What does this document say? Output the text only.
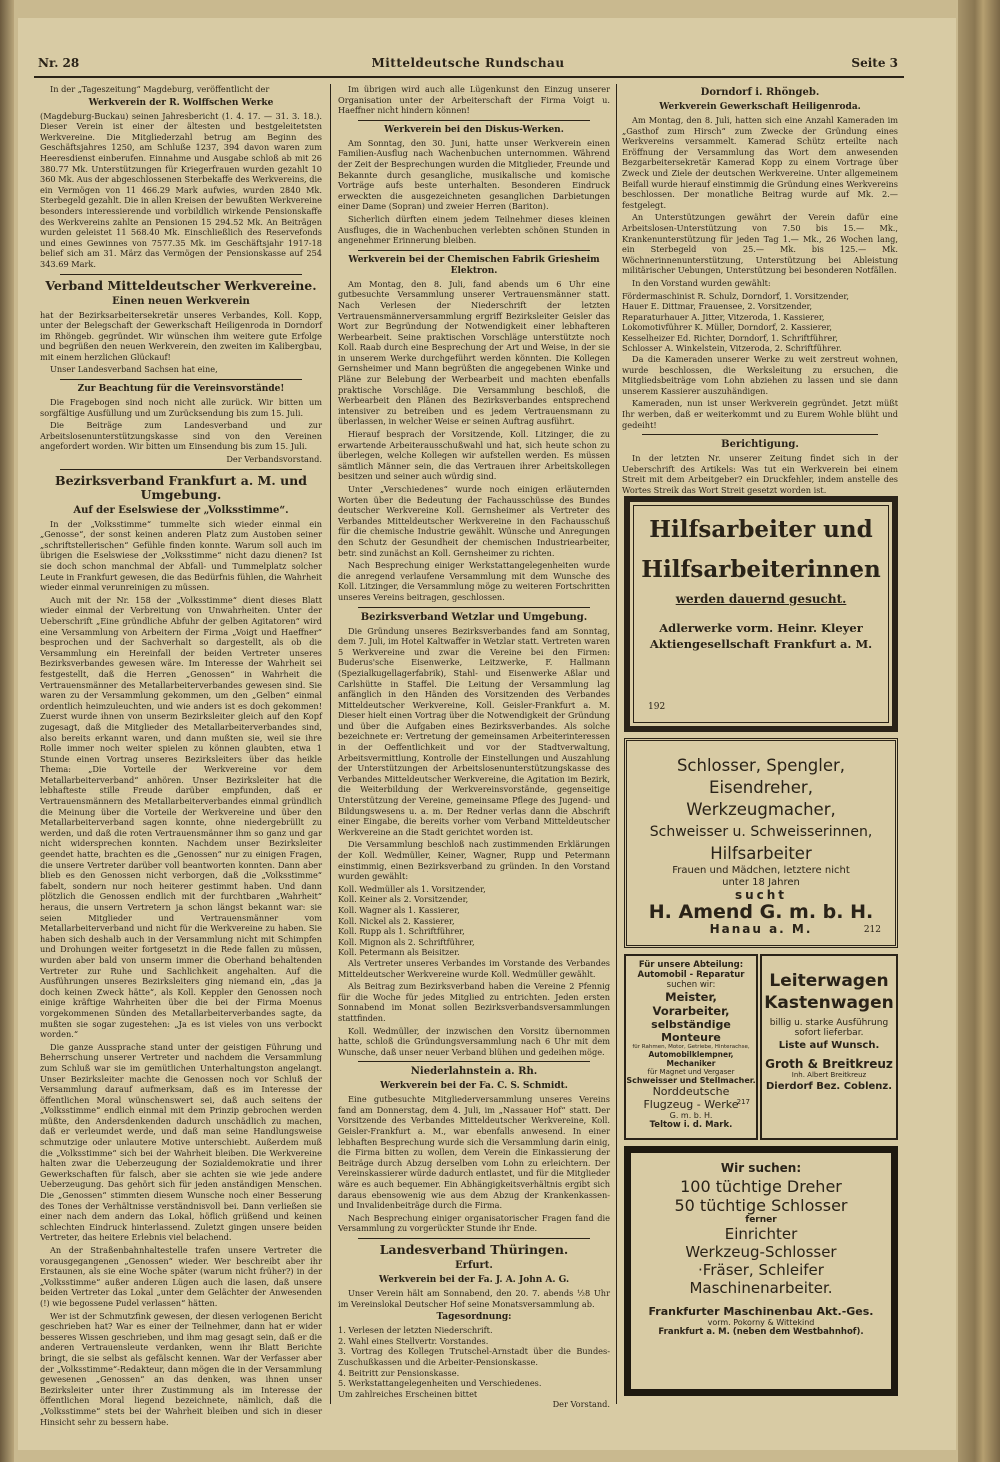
Nr. 28	Mitteldeutsche Rundschau	Seite 3

In der „Tageszeitung“ Magdeburg, veröffentlicht der

Werkverein der R. Wolffschen Werke

(Magdeburg-Buckau) seinen Jahresbericht (1. 4. 17. — 31. 3. 18.). Dieser Verein ist einer der ältesten und bestgeleitetsten Werkvereine. Die Mitgliederzahl betrug am Beginn des Geschäftsjahres 1250, am Schluße 1237, 394 davon waren zum Heeresdienst einberufen. Einnahme und Ausgabe schloß ab mit 26 380.77 Mk. Unterstützungen für Kriegerfrauen wurden gezahlt 10 360 Mk. Aus der abgeschlossenen Sterbekaffe des Werkvereins, die ein Vermögen von 11 466.29 Mark aufwies, wurden 2840 Mk. Sterbegeld gezahlt. Die in allen Kreisen der bewußten Werkvereine besonders interessierende und vorbildlich wirkende Pensionskaffe des Werkvereins zahlte an Pensionen 15 294.52 Mk. An Beiträgen wurden geleistet 11 568.40 Mk. Einschließlich des Reservefonds und eines Gewinnes von 7577.35 Mk. im Geschäftsjahr 1917-18 belief sich am 31. März das Vermögen der Pensionskasse auf 254 343.69 Mark.

Verband Mitteldeutscher Werkvereine.
Einen neuen Werkverein

hat der Bezirksarbeitersekretär unseres Verbandes, Koll. Kopp, unter der Belegschaft der Gewerkschaft Heiligenroda in Dorndorf im Rhöngeb. gegründet. Wir wünschen ihm weitere gute Erfolge und begrüßen den neuen Werkverein, den zweiten im Kalibergbau, mit einem herzlichen Glückauf!

Unser Landesverband Sachsen hat eine,

Zur Beachtung für die Vereinsvorstände!

Die Fragebogen sind noch nicht alle zurück. Wir bitten um sorgfältige Ausfüllung und um Zurücksendung bis zum 15. Juli.

Die Beiträge zum Landesverband und zur Arbeitslosenunterstützungskasse sind von den Vereinen angefordert worden. Wir bitten um Einsendung bis zum 15. Juli.

Der Verbandsvorstand.
Bezirksverband Frankfurt a. M. und Umgebung.
Auf der Eselswiese der „Volksstimme“.

In der „Volksstimme“ tummelte sich wieder einmal ein „Genosse“, der sonst keinen anderen Platz zum Austoben seiner „schriftstellerischen“ Gefühle finden konnte. Warum soll auch im übrigen die Eselswiese der „Volksstimme“ nicht dazu dienen? Ist sie doch schon manchmal der Abfall- und Tummelplatz solcher Leute in Frankfurt gewesen, die das Bedürfnis fühlen, die Wahrheit wieder einmal verunreinigen zu müssen.

Auch mit der Nr. 158 der „Volksstimme“ dient dieses Blatt wieder einmal der Verbreitung von Unwahrheiten. Unter der Ueberschrift „Eine gründliche Abfuhr der gelben Agitatoren“ wird eine Versammlung von Arbeitern der Firma „Voigt und Haeffner“ besprochen und der Sachverhalt so dargestellt, als ob die Versammlung ein Hereinfall der beiden Vertreter unseres Bezirksverbandes gewesen wäre. Im Interesse der Wahrheit sei festgestellt, daß die Herren „Genossen“ in Wahrheit die Vertrauensmänner des Metallarbeiterverbandes gewesen sind. Sie waren zu der Versammlung gekommen, um den „Gelben“ einmal ordentlich heimzuleuchten, und wie anders ist es doch gekommen! Zuerst wurde ihnen von unserm Bezirksleiter gleich auf den Kopf zugesagt, daß die Mitglieder des Metallarbeiterverbandes sind, also bereits erkannt waren, und dann mußten sie, weil sie ihre Rolle immer noch weiter spielen zu können glaubten, etwa 1 Stunde einen Vortrag unseres Bezirksleiters über das heikle Thema: „Die Vorteile der Werkvereine vor dem Metallarbeiterverband“ anhören. Unser Bezirksleiter hat die lebhafteste stille Freude darüber empfunden, daß er Vertrauensmännern des Metallarbeiterverbandes einmal gründlich die Meinung über die Vorteile der Werkvereine und über den Metallarbeiterverband sagen konnte, ohne niedergebrüllt zu werden, und daß die roten Vertrauensmänner ihm so ganz und gar nicht widersprechen konnten. Nachdem unser Bezirksleiter geendet hatte, brachten es die „Genossen“ nur zu einigen Fragen, die unsere Vertreter darüber voll beantworten konnten. Dann aber blieb es den Genossen nicht verborgen, daß die „Volksstimme“ fabelt, sondern nur noch heiterer gestimmt haben. Und dann plötzlich die Genossen endlich mit der furchtbaren „Wahrheit“ heraus, die unsern Vertretern ja schon längst bekannt war: sie seien Mitglieder und Vertrauensmänner vom Metallarbeiterverband und nicht für die Werkvereine zu haben. Sie haben sich deshalb auch in der Versammlung nicht mit Schimpfen und Drohungen weiter fortgesetzt in die Rede fallen zu müssen, wurden aber bald von unserm immer die Oberhand behaltenden Vertreter zur Ruhe und Sachlichkeit angehalten. Auf die Ausführungen unseres Bezirksleiters ging niemand ein, „das ja doch keinen Zweck hätte“, als Koll. Keppler den Genossen noch einige kräftige Wahrheiten über die bei der Firma Moenus vorgekommenen Sünden des Metallarbeiterverbandes sagte, da mußten sie sogar zugestehen: „Ja es ist vieles von uns verbockt worden.“

Die ganze Aussprache stand unter der geistigen Führung und Beherrschung unserer Vertreter und nachdem die Versammlung zum Schluß war sie im gemütlichen Unterhaltungston angelangt. Unser Bezirksleiter machte die Genossen noch vor Schluß der Versammlung darauf aufmerksam, daß es im Interesse der öffentlichen Moral wünschenswert sei, daß auch seitens der „Volksstimme“ endlich einmal mit dem Prinzip gebrochen werden müßte, den Andersdenkenden dadurch unschädlich zu machen, daß er verleumdet werde, und daß man seine Handlungsweise schmutzige oder unlautere Motive unterschiebt. Außerdem muß die „Volksstimme“ sich bei der Wahrheit bleiben. Die Werkvereine halten zwar die Ueberzeugung der Sozialdemokratie und ihrer Gewerkschaften für falsch, aber sie achten sie wie jede andere Ueberzeugung. Das gehört sich für jeden anständigen Menschen. Die „Genossen“ stimmten diesem Wunsche noch einer Besserung des Tones der Verhältnisse verständnisvoll bei. Dann verließen sie einer nach dem andern das Lokal, höflich grüßend und keinen schlechten Eindruck hinterlassend. Zuletzt gingen unsere beiden Vertreter, das heitere Erlebnis viel belachend.

An der Straßenbahnhaltestelle trafen unsere Vertreter die vorausgegangenen „Genossen“ wieder. Wer beschreibt aber ihr Erstaunen, als sie eine Woche später (warum nicht früher?) in der „Volksstimme“ außer anderen Lügen auch die lasen, daß unsere beiden Vertreter das Lokal „unter dem Gelächter der Anwesenden (!) wie begossene Pudel verlassen“ hätten.

Wer ist der Schmutzfink gewesen, der diesen verlogenen Bericht geschrieben hat? War es einer der Teilnehmer, dann hat er wider besseres Wissen geschrieben, und ihm mag gesagt sein, daß er die anderen Vertrauensleute verdanken, wenn ihr Blatt Berichte bringt, die sie selbst als gefälscht kennen. War der Verfasser aber der „Volksstimme“-Redakteur, dann mögen die in der Versammlung gewesenen „Genossen“ an das denken, was ihnen unser Bezirksleiter unter ihrer Zustimmung als im Interesse der öffentlichen Moral liegend bezeichnete, nämlich, daß die „Volksstimme“ stets bei der Wahrheit bleiben und sich in dieser Hinsicht sehr zu bessern habe.

Im übrigen wird auch alle Lügenkunst den Einzug unserer Organisation unter der Arbeiterschaft der Firma Voigt u. Haeffner nicht hindern können!

Werkverein bei den Diskus-Werken.

Am Sonntag, den 30. Juni, hatte unser Werkverein einen Familien-Ausflug nach Wachenbuchen unternommen. Während der Zeit der Besprechungen wurden die Mitglieder, Freunde und Bekannte durch gesangliche, musikalische und komische Vorträge aufs beste unterhalten. Besonderen Eindruck erweckten die ausgezeichneten gesanglichen Darbietungen einer Dame (Sopran) und zweier Herren (Bariton).

Sicherlich dürften einem jedem Teilnehmer dieses kleinen Ausfluges, die in Wachenbuchen verlebten schönen Stunden in angenehmer Erinnerung bleiben.

Werkverein bei der Chemischen Fabrik Griesheim Elektron.

Am Montag, den 8. Juli, fand abends um 6 Uhr eine gutbesuchte Versammlung unserer Vertrauensmänner statt. Nach Verlesen der Niederschrift der letzten Vertrauensmännerversammlung ergriff Bezirksleiter Geisler das Wort zur Begründung der Notwendigkeit einer lebhafteren Werbearbeit. Seine praktischen Vorschläge unterstützte noch Koll. Raab durch eine Besprechung der Art und Weise, in der sie in unserem Werke durchgeführt werden könnten. Die Kollegen Gernsheimer und Mann begrüßten die angegebenen Winke und Pläne zur Belebung der Werbearbeit und machten ebenfalls praktische Vorschläge. Die Versammlung beschloß, die Werbearbeit den Plänen des Bezirksverbandes entsprechend intensiver zu betreiben und es jedem Vertrauensmann zu überlassen, in welcher Weise er seinen Auftrag ausführt.

Hierauf besprach der Vorsitzende, Koll. Litzinger, die zu erwartende Arbeiterausschußwahl und hat, sich heute schon zu überlegen, welche Kollegen wir aufstellen werden. Es müssen sämtlich Männer sein, die das Vertrauen ihrer Arbeitskollegen besitzen und seiner auch würdig sind.

Unter „Verschiedenes“ wurde noch einigen erläuternden Worten über die Bedeutung der Fachausschüsse des Bundes deutscher Werkvereine Koll. Gernsheimer als Vertreter des Verbandes Mitteldeutscher Werkvereine in den Fachausschuß für die chemische Industrie gewählt. Wünsche und Anregungen den Schutz der Gesundheit der chemischen Industriearbeiter, betr. sind zunächst an Koll. Gernsheimer zu richten.

Nach Besprechung einiger Werkstattangelegenheiten wurde die anregend verlaufene Versammlung mit dem Wunsche des Koll. Litzinger, die Versammlung möge zu weiteren Fortschritten unseres Vereins beitragen, geschlossen.

Bezirksverband Wetzlar und Umgebung.

Die Gründung unseres Bezirksverbandes fand am Sonntag, dem 7. Juli, im Hotel Kaltwaffer in Wetzlar statt. Vertreten waren 5 Werkvereine und zwar die Vereine bei den Firmen: Buderus'sche Eisenwerke, Leitzwerke, F. Hallmann (Spezialkugellagerfabrik), Stahl- und Eisenwerke Aßlar und Carlshütte in Staffel. Die Leitung der Versammlung lag anfänglich in den Händen des Vorsitzenden des Verbandes Mitteldeutscher Werkvereine, Koll. Geisler-Frankfurt a. M. Dieser hielt einen Vortrag über die Notwendigkeit der Gründung und über die Aufgaben eines Bezirksverbandes. Als solche bezeichnete er: Vertretung der gemeinsamen Arbeiterinteressen in der Oeffentlichkeit und vor der Stadtverwaltung, Arbeitsvermittlung, Kontrolle der Einstellungen und Auszahlung der Unterstützungen der Arbeitslosenunterstützungskasse des Verbandes Mitteldeutscher Werkvereine, die Agitation im Bezirk, die Weiterbildung der Werkvereinsvorstände, gegenseitige Unterstützung der Vereine, gemeinsame Pflege des Jugend- und Bildungswesens u. a. m. Der Redner verlas dann die Abschrift einer Eingabe, die bereits vorher vom Verband Mitteldeutscher Werkvereine an die Stadt gerichtet worden ist.

Die Versammlung beschloß nach zustimmenden Erklärungen der Koll. Wedmüller, Keiner, Wagner, Rupp und Petermann einstimmig, einen Bezirksverband zu gründen. In den Vorstand wurden gewählt:

Koll. Wedmüller als 1. Vorsitzender,
Koll. Keiner als 2. Vorsitzender,
Koll. Wagner als 1. Kassierer,
Koll. Nickel als 2. Kassierer,
Koll. Rupp als 1. Schriftführer,
Koll. Mignon als 2. Schriftführer,
Koll. Petermann als Beisitzer.

Als Vertreter unseres Verbandes im Vorstande des Verbandes Mitteldeutscher Werkvereine wurde Koll. Wedmüller gewählt.

Als Beitrag zum Bezirksverband haben die Vereine 2 Pfennig für die Woche für jedes Mitglied zu entrichten. Jeden ersten Sonnabend im Monat sollen Bezirksverbandsversammlungen stattfinden.

Koll. Wedmüller, der inzwischen den Vorsitz übernommen hatte, schloß die Gründungsversammlung nach 6 Uhr mit dem Wunsche, daß unser neuer Verband blühen und gedeihen möge.

Niederlahnstein a. Rh.
Werkverein bei der Fa. C. S. Schmidt.

Eine gutbesuchte Mitgliederversammlung unseres Vereins fand am Donnerstag, dem 4. Juli, im „Nassauer Hof“ statt. Der Vorsitzende des Verbandes Mitteldeutscher Werkvereine, Koll. Geisler-Frankfurt a. M., war ebenfalls anwesend. In einer lebhaften Besprechung wurde sich die Versammlung darin einig, die Firma bitten zu wollen, dem Verein die Einkassierung der Beiträge durch Abzug derselben vom Lohn zu erleichtern. Der Vereinskassierer würde dadurch entlastet, und für die Mitglieder wäre es auch bequemer. Ein Abhängigkeitsverhältnis ergibt sich daraus ebensowenig wie aus dem Abzug der Krankenkassen- und Invalidenbeiträge durch die Firma.

Nach Besprechung einiger organisatorischer Fragen fand die Versammlung zu vorgerückter Stunde ihr Ende.

Landesverband Thüringen.
Erfurt.
Werkverein bei der Fa. J. A. John A. G.

Unser Verein hält am Sonnabend, den 20. 7. abends ½8 Uhr im Vereinslokal Deutscher Hof seine Monatsversammlung ab.

Tagesordnung:
1. Verlesen der letzten Niederschrift.
2. Wahl eines Stellvertr. Vorstandes.
3. Vortrag des Kollegen Trutschel-Arnstadt über die Bundes-Zuschußkassen und die Arbeiter-Pensionskasse.
4. Beitritt zur Pensionskasse.
5. Werkstattangelegenheiten und Verschiedenes.
Um zahlreiches Erscheinen bittet
Der Vorstand.
Dorndorf i. Rhöngeb.
Werkverein Gewerkschaft Heiligenroda.

Am Montag, den 8. Juli, hatten sich eine Anzahl Kameraden im „Gasthof zum Hirsch“ zum Zwecke der Gründung eines Werkvereins versammelt. Kamerad Schütz erteilte nach Eröffnung der Versammlung das Wort dem anwesenden Bezgarbeitersekretär Kamerad Kopp zu einem Vortrage über Zweck und Ziele der deutschen Werkvereine. Unter allgemeinem Beifall wurde hierauf einstimmig die Gründung eines Werkvereins beschlossen. Der monatliche Beitrag wurde auf Mk. 2.— festgelegt.

An Unterstützungen gewährt der Verein dafür eine Arbeitslosen-Unterstützung von 7.50 bis 15.— Mk., Krankenunterstützung für jeden Tag 1.— Mk., 26 Wochen lang, ein Sterbegeld von 25.— Mk. bis 125.— Mk. Wöchnerinnenunterstützung, Unterstützung bei Ableistung militärischer Uebungen, Unterstützung bei besonderen Notfällen.

In den Vorstand wurden gewählt:

Fördermaschinist R. Schulz, Dorndorf, 1. Vorsitzender,
Hauer E. Dittmar, Frauensee, 2. Vorsitzender,
Reparaturhauer A. Jitter, Vitzeroda, 1. Kassierer,
Lokomotivführer K. Müller, Dorndorf, 2. Kassierer,
Kesselheizer Ed. Richter, Dorndorf, 1. Schriftführer,
Schlosser A. Winkelstein, Vitzeroda, 2. Schriftführer.

Da die Kameraden unserer Werke zu weit zerstreut wohnen, wurde beschlossen, die Werksleitung zu ersuchen, die Mitgliedsbeiträge vom Lohn abziehen zu lassen und sie dann unserem Kassierer auszuhändigen.

Kameraden, nun ist unser Werkverein gegründet. Jetzt müßt Ihr werben, daß er weiterkommt und zu Eurem Wohle blüht und gedeiht!

Berichtigung.

In der letzten Nr. unserer Zeitung findet sich in der Ueberschrift des Artikels: Was tut ein Werkverein bei einem Streit mit dem Arbeitgeber? ein Druckfehler, indem anstelle des Wortes Streik das Wort Streit gesetzt worden ist.

Hilfsarbeiter und
Hilfsarbeiterinnen
werden dauernd gesucht.
Adlerwerke vorm. Heinr. Kleyer
Aktiengesellschaft Frankfurt a. M.
192
Schlosser, Spengler,
Eisendreher,
Werkzeugmacher,
Schweisser u. Schweisserinnen,
Hilfsarbeiter
Frauen und Mädchen, letztere nicht
unter 18 Jahren
sucht
H. Amend G. m. b. H.
Hanau a. M.	212
Für unsere Abteilung:
Automobil - Reparatur
suchen wir:
Meister, Vorarbeiter,
selbständige Monteure
für Rahmen, Motor, Getriebe, Hinterachse,
Automobilklempner, Mechaniker
für Magnet und Vergaser
Schweisser und Stellmacher.
Norddeutsche
Flugzeug - Werke
G. m. b. H.
Teltow i. d. Mark.
217
Leiterwagen
Kastenwagen
billig u. starke Ausführung
sofort lieferbar.
Liste auf Wunsch.
Groth & Breitkreuz
Inh. Albert Breitkreuz
Dierdorf Bez. Coblenz.
Wir suchen:
100 tüchtige Dreher
50 tüchtige Schlosser
ferner
Einrichter
Werkzeug-Schlosser
·Fräser, Schleifer
Maschinenarbeiter.
Frankfurter Maschinenbau Akt.-Ges.
vorm. Pokorny & Wittekind
Frankfurt a. M. (neben dem Westbahnhof).
